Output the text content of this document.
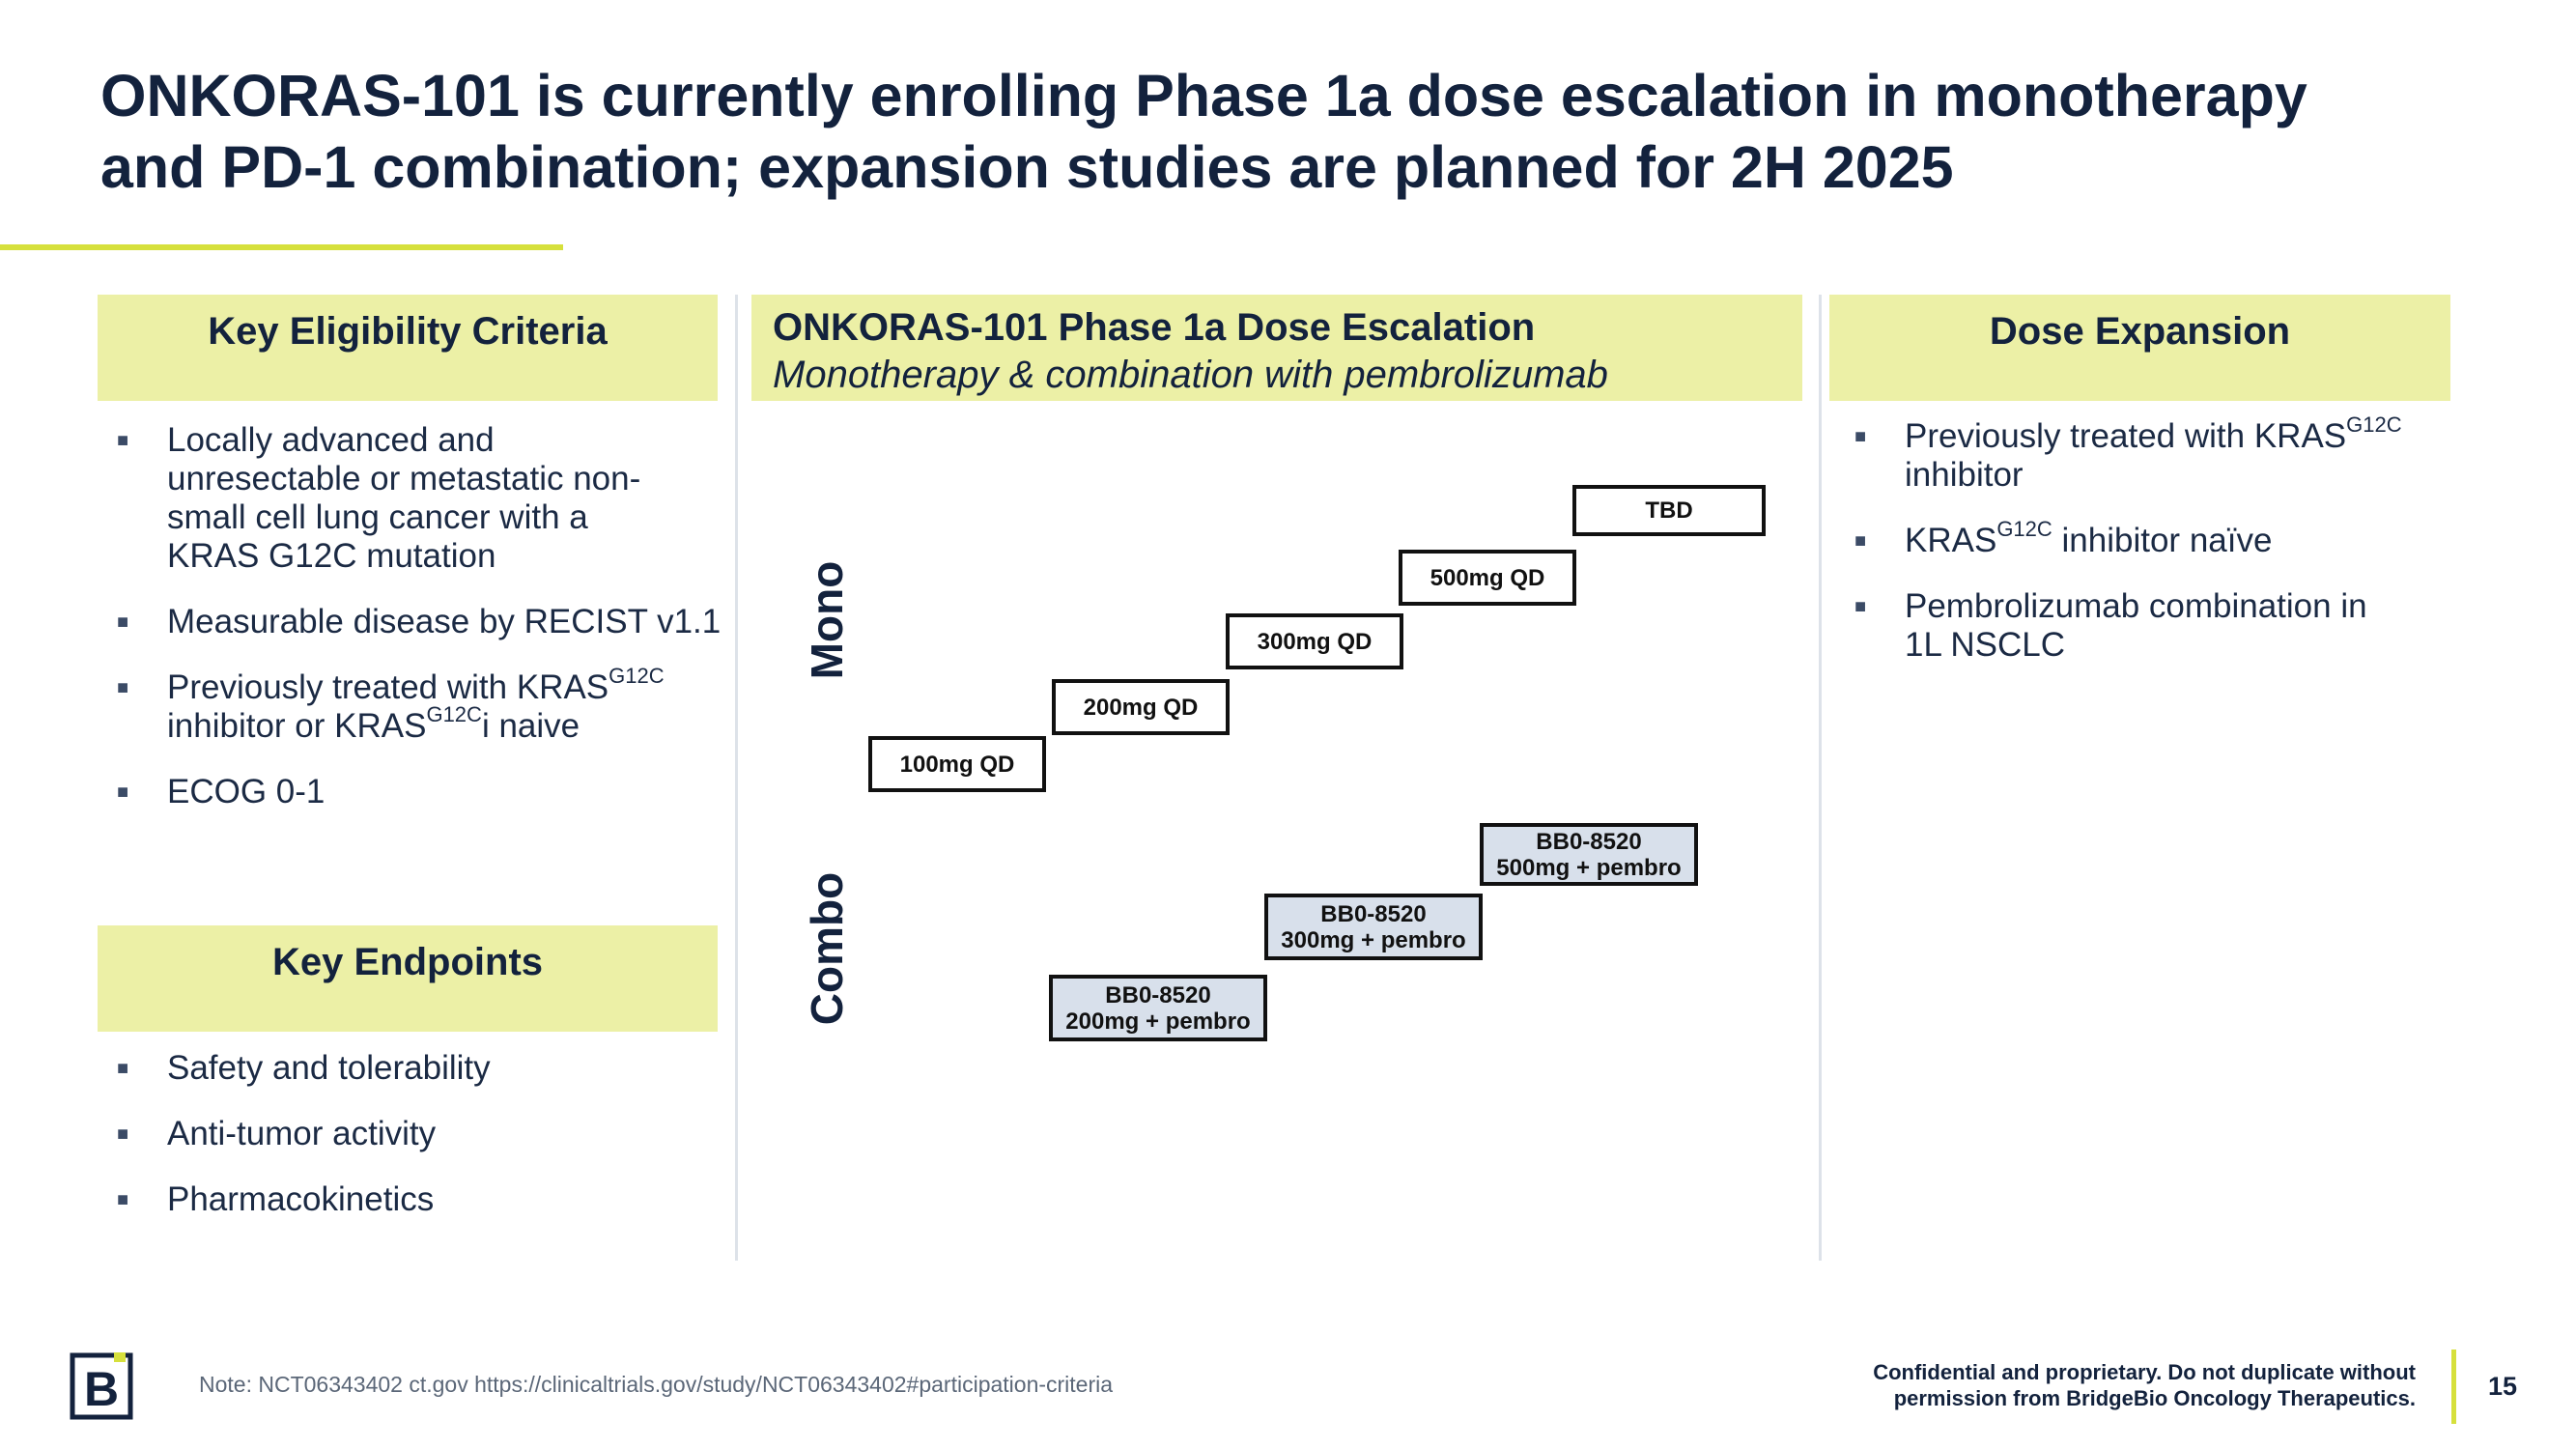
ONKORAS-101 is currently enrolling Phase 1a dose escalation in monotherapy
and PD-1 combination; expansion studies are planned for 2H 2025
Key Eligibility Criteria
■ Locally advanced and
unresectable or metastatic non-
small cell lung cancer with a
KRAS G12C mutation
■ Measurable disease by RECIST v1.1
■ Previously treated with $KRAS^{G12C}$
inhibitor or $KRAS^{G12C}i$ naive
■ ECOG 0-1
Key Endpoints
■ Safety and tolerability
■ Anti-tumor activity
■ Pharmacokinetics
ONKORAS-101 Phase 1a Dose Escalation
Monotherapy & combination with pembrolizumab
Mono
Combo
100mg QD
200mg QD
300mg QD
500mg QD
TBD
BB0-8520
200mg + pembro
BB0-8520
300mg + pembro
BB0-8520
500mg + pembro
Dose Expansion
■ Previously treated with $KRAS^{G12C}$
inhibitor
■ $KRAS^{G12C}$ inhibitor naïve
■ Pembrolizumab combination in
1L NSCLC
B	Note: NCT06343402 ct.gov https://clinicaltrials.gov/study/NCT06343402#participation-criteria	Confidential and proprietary. Do not duplicate without
permission from BridgeBio Oncology Therapeutics.	15
